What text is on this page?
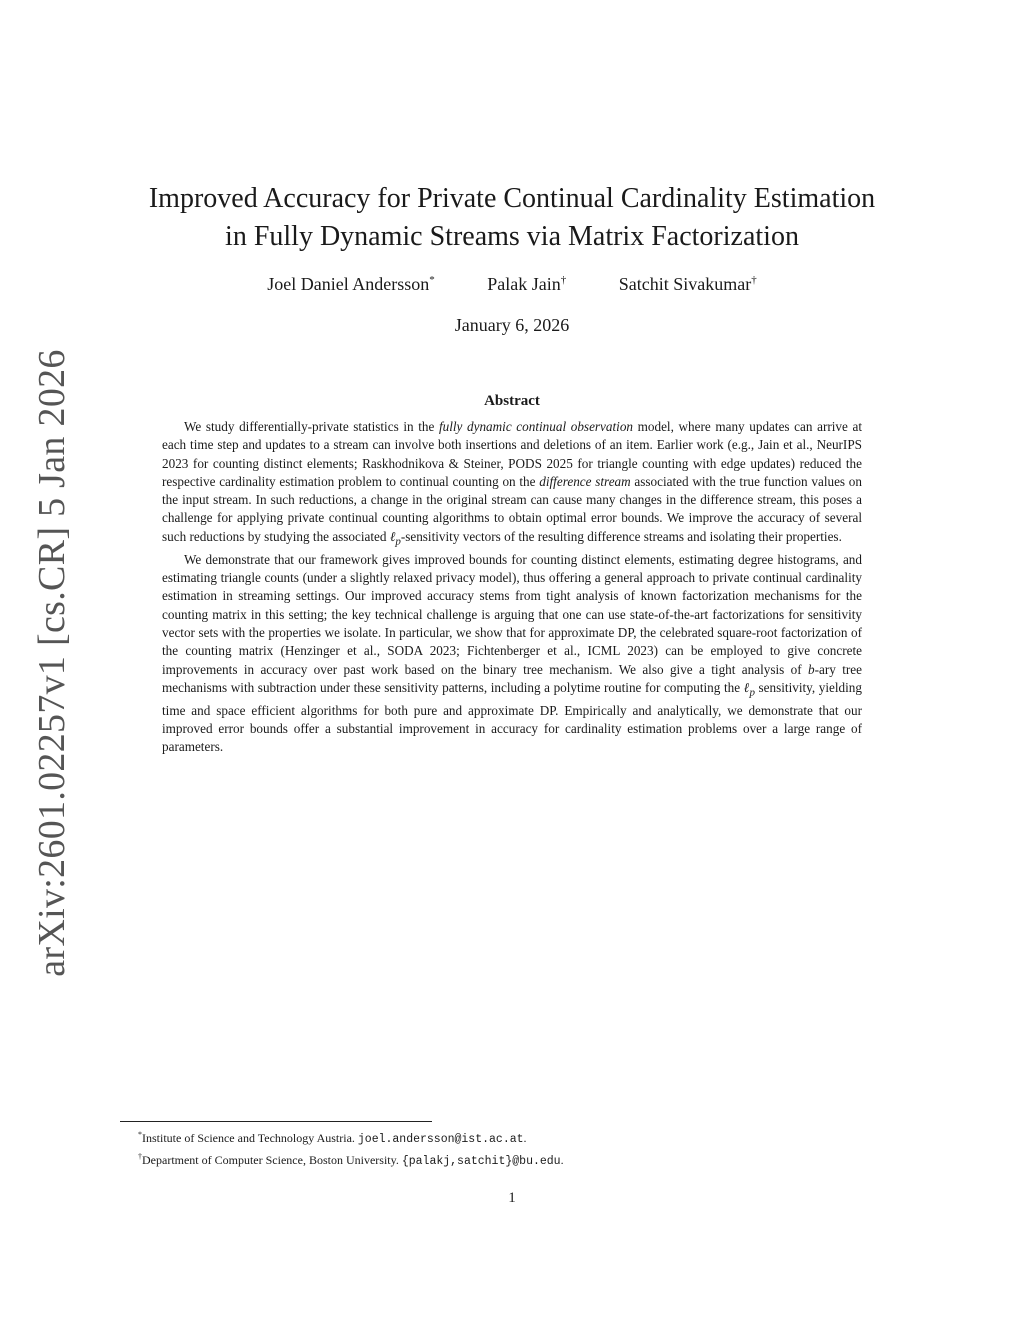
arXiv:2601.02257v1 [cs.CR] 5 Jan 2026
Improved Accuracy for Private Continual Cardinality Estimation
in Fully Dynamic Streams via Matrix Factorization
Joel Daniel Andersson*	Palak Jain†	Satchit Sivakumar†
January 6, 2026
Abstract

We study differentially-private statistics in the fully dynamic continual observation model, where many updates can arrive at each time step and updates to a stream can involve both insertions and deletions of an item. Earlier work (e.g., Jain et al., NeurIPS 2023 for counting distinct elements; Raskhodnikova & Steiner, PODS 2025 for triangle counting with edge updates) reduced the respective cardinality estimation problem to continual counting on the difference stream associated with the true function values on the input stream. In such reductions, a change in the original stream can cause many changes in the difference stream, this poses a challenge for applying private continual counting algorithms to obtain optimal error bounds. We improve the accuracy of several such reductions by studying the associated ℓ$_p$-sensitivity vectors of the resulting difference streams and isolating their properties.

We demonstrate that our framework gives improved bounds for counting distinct elements, estimating degree histograms, and estimating triangle counts (under a slightly relaxed privacy model), thus offering a general approach to private continual cardinality estimation in streaming settings. Our improved accuracy stems from tight analysis of known factorization mechanisms for the counting matrix in this setting; the key technical challenge is arguing that one can use state-of-the-art factorizations for sensitivity vector sets with the properties we isolate. In particular, we show that for approximate DP, the celebrated square-root factorization of the counting matrix (Henzinger et al., SODA 2023; Fichtenberger et al., ICML 2023) can be employed to give concrete improvements in accuracy over past work based on the binary tree mechanism. We also give a tight analysis of b-ary tree mechanisms with subtraction under these sensitivity patterns, including a polytime routine for computing the ℓ$_p$ sensitivity, yielding time and space efficient algorithms for both pure and approximate DP. Empirically and analytically, we demonstrate that our improved error bounds offer a substantial improvement in accuracy for cardinality estimation problems over a large range of parameters.

*Institute of Science and Technology Austria. joel.andersson@ist.ac.at.
†Department of Computer Science, Boston University. {palakj,satchit}@bu.edu.
1
